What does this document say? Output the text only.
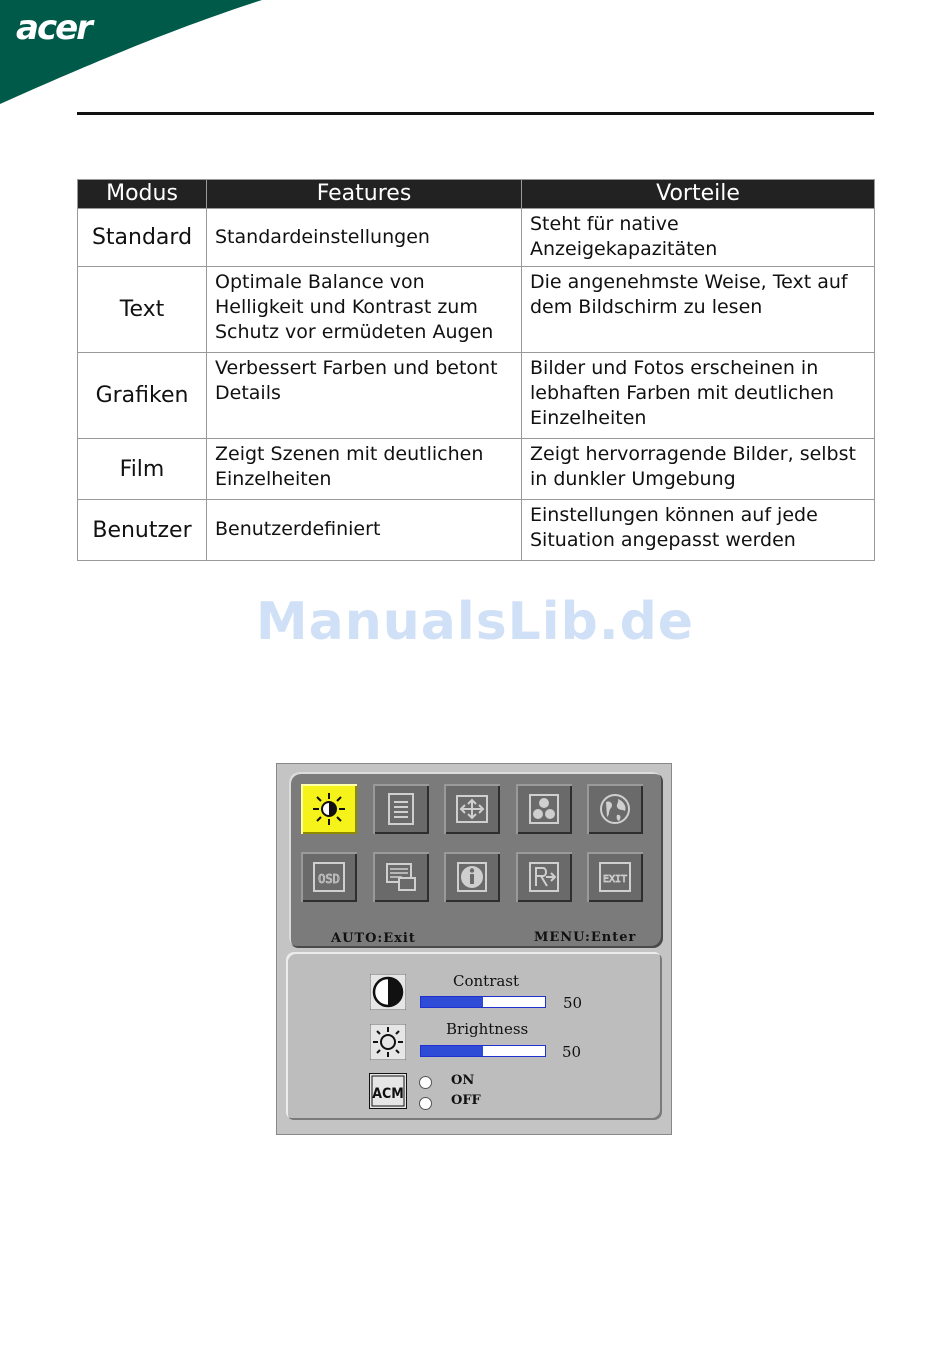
acer
Modus	Features	Vorteile
Standard	Standardeinstellungen	Steht für native Anzeigekapazitäten
Text	Optimale Balance von Helligkeit und Kontrast zum Schutz vor ermüdeten Augen	Die angenehmste Weise, Text auf dem Bildschirm zu lesen
Grafiken	Verbessert Farben und betont Details	Bilder und Fotos erscheinen in lebhaften Farben mit deutlichen Einzelheiten
Film	Zeigt Szenen mit deutlichen Einzelheiten	Zeigt hervorragende Bilder, selbst in dunkler Umgebung
Benutzer	Benutzerdefiniert	Einstellungen können auf jede Situation angepasst werden
ManualsLib.de
OSD	EXIT
AUTO:Exit	MENU:Enter
Contrast
50
Brightness
50
ACM
ON
OFF
